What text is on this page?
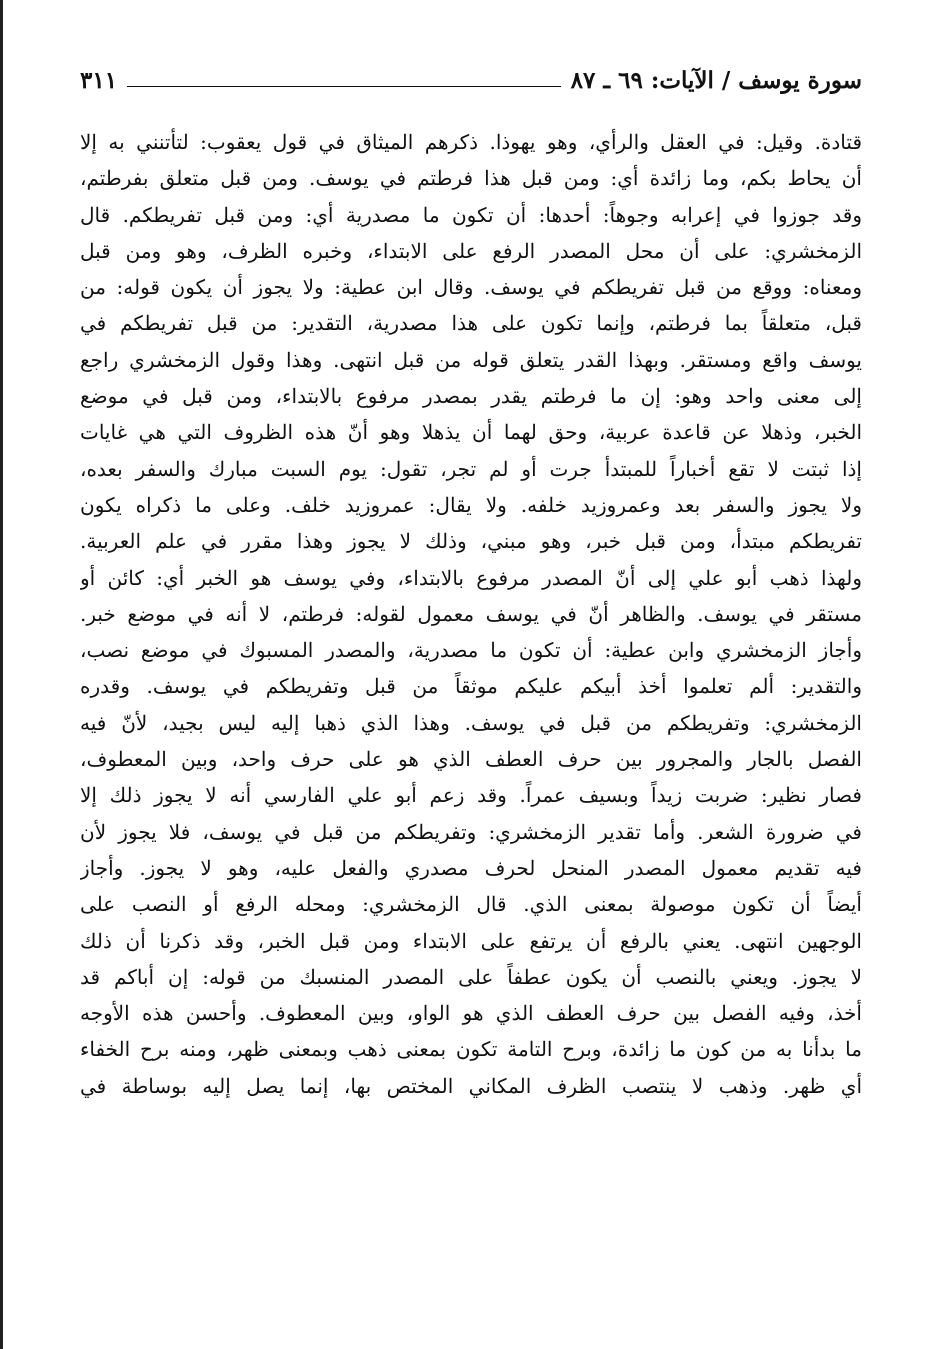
سورة يوسف / الآيات: ٦٩ ـ ٨٧
٣١١
قتادة. وقيل: في العقل والرأي، وهو يهوذا. ذكرهم الميثاق في قول يعقوب: لتأتنني به إلا
أن يحاط بكم، وما زائدة أي: ومن قبل هذا فرطتم في يوسف. ومن قبل متعلق بفرطتم،
وقد جوزوا في إعرابه وجوهاً: أحدها: أن تكون ما مصدرية أي: ومن قبل تفريطكم. قال
الزمخشري: على أن محل المصدر الرفع على الابتداء، وخبره الظرف، وهو ومن قبل
ومعناه: ووقع من قبل تفريطكم في يوسف. وقال ابن عطية: ولا يجوز أن يكون قوله: من
قبل، متعلقاً بما فرطتم، وإنما تكون على هذا مصدرية، التقدير: من قبل تفريطكم في
يوسف واقع ومستقر. وبهذا القدر يتعلق قوله من قبل انتهى. وهذا وقول الزمخشري راجع
إلى معنى واحد وهو: إن ما فرطتم يقدر بمصدر مرفوع بالابتداء، ومن قبل في موضع
الخبر، وذهلا عن قاعدة عربية، وحق لهما أن يذهلا وهو أنّ هذه الظروف التي هي غايات
إذا ثبتت لا تقع أخباراً للمبتدأ جرت أو لم تجر، تقول: يوم السبت مبارك والسفر بعده،
ولا يجوز والسفر بعد وعمروزيد خلفه. ولا يقال: عمروزيد خلف. وعلى ما ذكراه يكون
تفريطكم مبتدأ، ومن قبل خبر، وهو مبني، وذلك لا يجوز وهذا مقرر في علم العربية.
ولهذا ذهب أبو علي إلى أنّ المصدر مرفوع بالابتداء، وفي يوسف هو الخبر أي: كائن أو
مستقر في يوسف. والظاهر أنّ في يوسف معمول لقوله: فرطتم، لا أنه في موضع خبر.
وأجاز الزمخشري وابن عطية: أن تكون ما مصدرية، والمصدر المسبوك في موضع نصب،
والتقدير: ألم تعلموا أخذ أبيكم عليكم موثقاً من قبل وتفريطكم في يوسف. وقدره
الزمخشري: وتفريطكم من قبل في يوسف. وهذا الذي ذهبا إليه ليس بجيد، لأنّ فيه
الفصل بالجار والمجرور بين حرف العطف الذي هو على حرف واحد، وبين المعطوف،
فصار نظير: ضربت زيداً وبسيف عمراً. وقد زعم أبو علي الفارسي أنه لا يجوز ذلك إلا
في ضرورة الشعر. وأما تقدير الزمخشري: وتفريطكم من قبل في يوسف، فلا يجوز لأن
فيه تقديم معمول المصدر المنحل لحرف مصدري والفعل عليه، وهو لا يجوز. وأجاز
أيضاً أن تكون موصولة بمعنى الذي. قال الزمخشري: ومحله الرفع أو النصب على
الوجهين انتهى. يعني بالرفع أن يرتفع على الابتداء ومن قبل الخبر، وقد ذكرنا أن ذلك
لا يجوز. ويعني بالنصب أن يكون عطفاً على المصدر المنسبك من قوله: إن أباكم قد
أخذ، وفيه الفصل بين حرف العطف الذي هو الواو، وبين المعطوف. وأحسن هذه الأوجه
ما بدأنا به من كون ما زائدة، وبرح التامة تكون بمعنى ذهب وبمعنى ظهر، ومنه برح الخفاء
أي ظهر. وذهب لا ينتصب الظرف المكاني المختص بها، إنما يصل إليه بوساطة في
